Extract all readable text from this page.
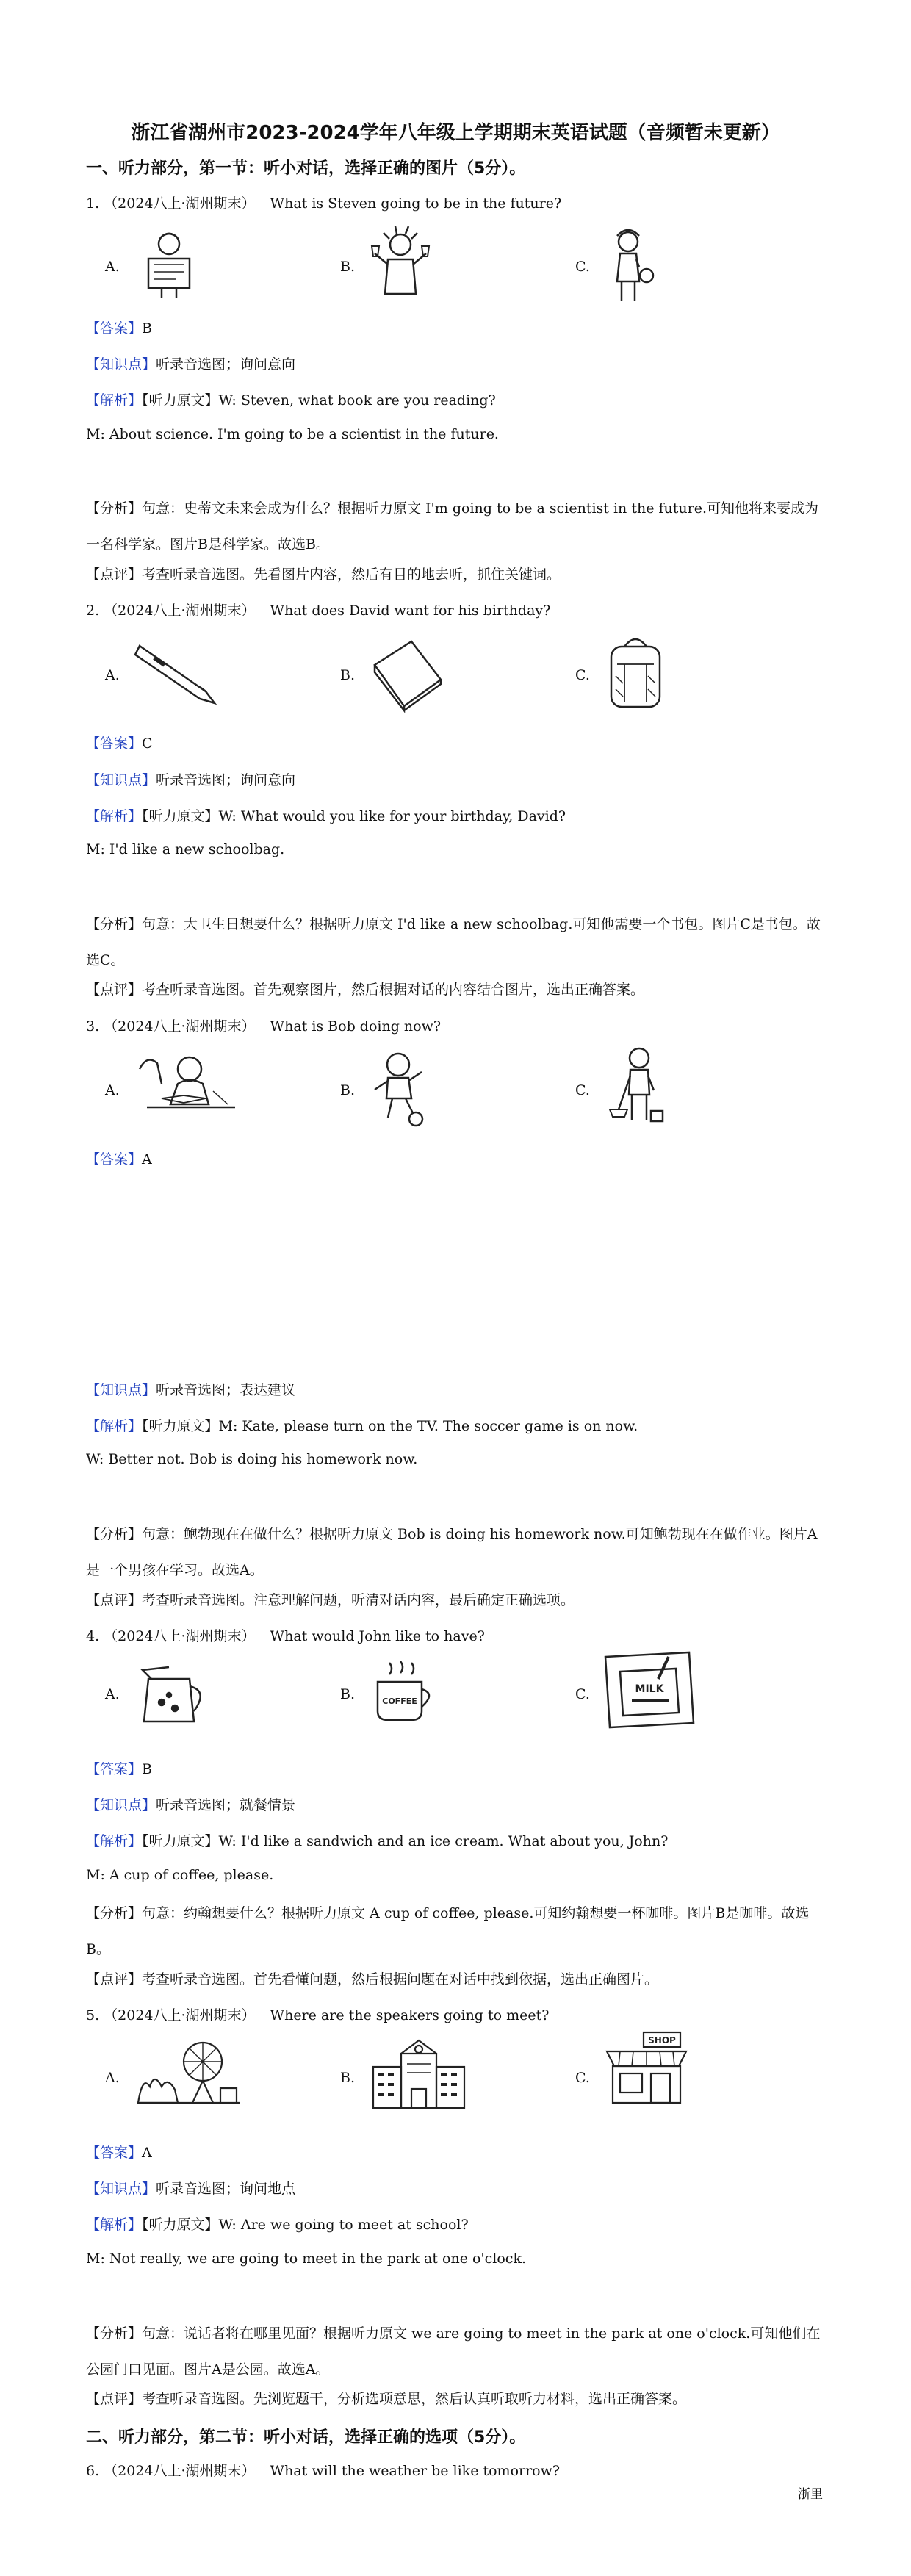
浙江省湖州市2023-2024学年八年级上学期期末英语试题（音频暂未更新）
一、听力部分，第一节：听小对话，选择正确的图片（5分）。
1. （2024八上·湖州期末） What is Steven going to be in the future?
A.	B.	C.
【答案】B
【知识点】听录音选图；询问意向
【解析】【听力原文】W: Steven, what book are you reading?
M: About science. I'm going to be a scientist in the future.
【分析】句意：史蒂文未来会成为什么？根据听力原文 I'm going to be a scientist in the future.可知他将来要成为一名科学家。图片B是科学家。故选B。
【点评】考查听录音选图。先看图片内容，然后有目的地去听，抓住关键词。
2. （2024八上·湖州期末） What does David want for his birthday?
A.	B.	C.
【答案】C
【知识点】听录音选图；询问意向
【解析】【听力原文】W: What would you like for your birthday, David?
M: I'd like a new schoolbag.
【分析】句意：大卫生日想要什么？根据听力原文 I'd like a new schoolbag.可知他需要一个书包。图片C是书包。故选C。
【点评】考查听录音选图。首先观察图片，然后根据对话的内容结合图片，选出正确答案。
3. （2024八上·湖州期末） What is Bob doing now?
A.	B.	C.
【答案】A
【知识点】听录音选图；表达建议
【解析】【听力原文】M: Kate, please turn on the TV. The soccer game is on now.
W: Better not. Bob is doing his homework now.
【分析】句意：鲍勃现在在做什么？根据听力原文 Bob is doing his homework now.可知鲍勃现在在做作业。图片A是一个男孩在学习。故选A。
【点评】考查听录音选图。注意理解问题，听清对话内容，最后确定正确选项。
4. （2024八上·湖州期末） What would John like to have?
A.	B.	COFFEE	C.	MILK
【答案】B
【知识点】听录音选图；就餐情景
【解析】【听力原文】W: I'd like a sandwich and an ice cream. What about you, John?
M: A cup of coffee, please.
【分析】句意：约翰想要什么？根据听力原文 A cup of coffee, please.可知约翰想要一杯咖啡。图片B是咖啡。故选B。
【点评】考查听录音选图。首先看懂问题，然后根据问题在对话中找到依据，选出正确图片。
5. （2024八上·湖州期末） Where are the speakers going to meet?
A.	B.	C.
SHOP
【答案】A
【知识点】听录音选图；询问地点
【解析】【听力原文】W: Are we going to meet at school?
M: Not really, we are going to meet in the park at one o'clock.
【分析】句意：说话者将在哪里见面？根据听力原文 we are going to meet in the park at one o'clock.可知他们在公园门口见面。图片A是公园。故选A。
【点评】考查听录音选图。先浏览题干，分析选项意思，然后认真听取听力材料，选出正确答案。
二、听力部分，第二节：听小对话，选择正确的选项（5分）。
6. （2024八上·湖州期末） What will the weather be like tomorrow?
浙里
